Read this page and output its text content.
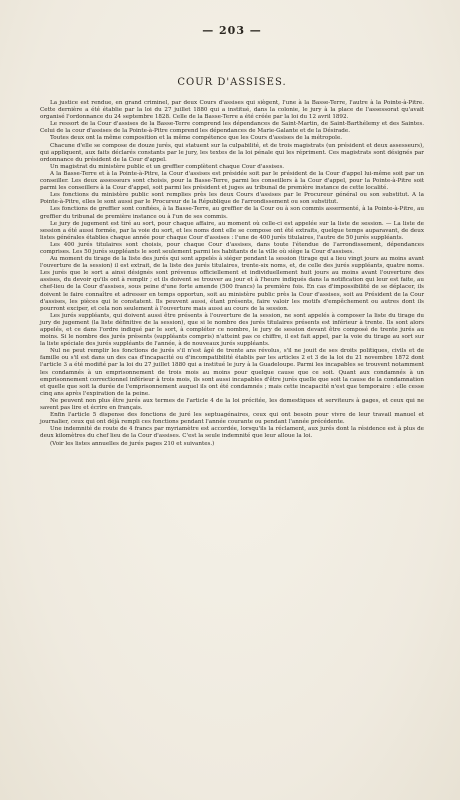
— 203 —
COUR D'ASSISES.

La justice est rendue, en grand criminel, par deux Cours d'assises qui siègent, l'une à la Basse-Terre, l'autre à la Pointe-à-Pitre. Cette dernière a été établie par la loi du 27 juillet 1880 qui a institué, dans la colonie, le jury à la place de l'assessorat qu'avait organisé l'ordonnance du 24 septembre 1828. Celle de la Basse-Terre a été créée par la loi du 12 avril 1892.

Le ressort de la Cour d'assises de la Basse-Terre comprend les dépendances de Saint-Martin, de Saint-Barthélemy et des Saintes. Celui de la cour d'assises de la Pointe-à-Pitre comprend les dépendances de Marie-Galante et de la Désirade.

Toutes deux ont la même composition et la même compétence que les Cours d'assises de la métropole.

Chacune d'elle se compose de douze jurés, qui statuent sur la culpabilité, et de trois magistrats (un président et deux assesseurs), qui appliquent, aux faits déclarés constants par le jury, les textes de la loi pénale qui les répriment. Ces magistrats sont désignés par ordonnance du président de la Cour d'appel.

Un magistrat du ministère public et un greffier complètent chaque Cour d'assises.

A la Basse-Terre et à la Pointe-à-Pitre, la Cour d'assises est présidée soit par le président de la Cour d'appel lui-même soit par un conseiller. Les deux assesseurs sont choisis, pour la Basse-Terre, parmi les conseillers à la Cour d'appel, pour la Pointe-à-Pitre soit parmi les conseillers à la Cour d'appel, soit parmi les président et juges au tribunal de première instance de cette localité.

Les fonctions du ministère public sont remplies près les deux Cours d'assises par le Procureur général ou son substitut. A la Pointe-à-Pitre, elles le sont aussi par le Procureur de la République de l'arrondissement ou son substitut.

Les fonctions de greffier sont confiées, à la Basse-Terre, au greffier de la Cour ou à son commis assermenté, à la Pointe-à-Pitre, au greffier du tribunal de première instance ou à l'un de ses commis.

Le jury de jugement est tiré au sort, pour chaque affaire, au moment où celle-ci est appelée sur la liste de session. — La liste de session a été aussi formée, par la voie du sort, et les noms dont elle se compose ont été extraits, quelque temps auparavant, de deux listes générales établies chaque année pour chaque Cour d'assises : l'une de 400 jurés titulaires, l'autre de 50 jurés suppléants.

Les 400 jurés titulaires sont choisis, pour chaque Cour d'assises, dans toute l'étendue de l'arrondissement, dépendances comprises. Les 50 jurés suppléants le sont seulement parmi les habitants de la ville où siège la Cour d'assises.

Au moment du tirage de la liste des jurés qui sont appelés à siéger pendant la session (tirage qui a lieu vingt jours au moins avant l'ouverture de la session) il est extrait, de la liste des jurés titulaires, trente-six noms, et, de celle des jurés suppléants, quatre noms. Les jurés que le sort a ainsi désignés sont prévenus officiellement et individuellement huit jours au moins avant l'ouverture des assises, du devoir qu'ils ont à remplir ; et ils doivent se trouver au jour et à l'heure indiqués dans la notification qui leur est faite, au chef-lieu de la Cour d'assises, sous peine d'une forte amende (500 francs) la première fois. En cas d'impossibilité de se déplacer, ils doivent le faire connaître et adresser en temps opportun, soit au ministère public près la Cour d'assises, soit au Président de la Cour d'assises, les pièces qui le constatent. Ils peuvent aussi, étant présents, faire valoir les motifs d'empêchement ou autres dont ils pourront exciper, et cela non seulement à l'ouverture mais aussi au cours de la session.

Les jurés suppléants, qui doivent aussi être présents à l'ouverture de la session, ne sont appelés à composer la liste du tirage du jury de jugement (la liste définitive de la session), que si le nombre des jurés titulaires présents est inférieur à trente. Ils sont alors appelés, et ce dans l'ordre indiqué par le sort, à compléter ce nombre, le jury de session devant être composé de trente jurés au moins. Si le nombre des jurés présents (suppléants compris) n'atteint pas ce chiffre, il est fait appel, par la voie du tirage au sort sur la liste spéciale des jurés suppléants de l'année, à de nouveaux jurés suppléants.

Nul ne peut remplir les fonctions de jurés s'il n'est âgé de trente ans révolus, s'il ne jouit de ses droits politiques, civils et de famille ou s'il est dans un des cas d'incapacité ou d'incompatibilité établis par les articles 2 et 3 de la loi du 21 novembre 1872 dont l'article 3 a été modifié par la loi du 27 juillet 1880 qui a institué le jury à la Guadeloupe. Parmi les incapables se trouvent notamment les condamnés à un emprisonnement de trois mois au moins pour quelque cause que ce soit. Quant aux condamnés à un emprisonnement correctionnel inférieur à trois mois, ils sont aussi incapables d'être jurés quelle que soit la cause de la condamnation et quelle que soit la durée de l'emprisonnement auquel ils ont été condamnés ; mais cette incapacité n'est que temporaire : elle cesse cinq ans après l'expiration de la peine.

Ne peuvent non plus être jurés aux termes de l'article 4 de la loi précitée, les domestiques et serviteurs à gages, et ceux qui ne savent pas lire et écrire en français.

Enfin l'article 5 dispense des fonctions de juré les septuagénaires, ceux qui ont besoin pour vivre de leur travail manuel et journalier, ceux qui ont déjà rempli ces fonctions pendant l'année courante ou pendant l'année précédente.

Une indemnité de route de 4 francs par myriamètre est accordée, lorsqu'ils la réclament, aux jurés dont la résidence est à plus de deux kilomètres du chef lieu de la Cour d'assises. C'est la seule indemnité que leur alloue la loi.

(Voir les listes annuelles de jurés pages 210 et suivantes.)
